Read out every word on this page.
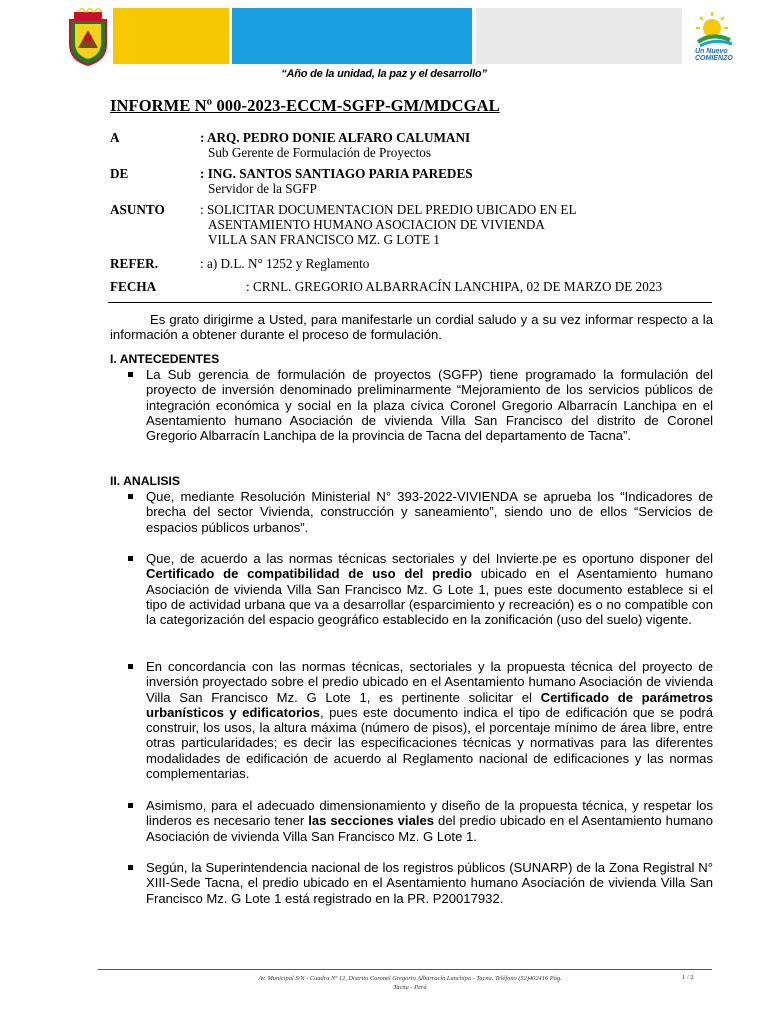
Un Nuevo
COMIENZO
“Año de la unidad, la paz y el desarrollo”
INFORME Nº 000-2023-ECCM-SGFP-GM/MDCGAL
A	: ARQ. PEDRO DONIE ALFARO CALUMANI
Sub Gerente de Formulación de Proyectos
DE	: ING. SANTOS SANTIAGO PARIA PAREDES
Servidor de la SGFP
ASUNTO	: SOLICITAR DOCUMENTACION DEL PREDIO UBICADO EN EL
ASENTAMIENTO HUMANO ASOCIACION DE VIVIENDA
VILLA SAN FRANCISCO MZ. G LOTE 1
REFER.	: a) D.L. N° 1252 y Reglamento
FECHA	: CRNL. GREGORIO ALBARRACÍN LANCHIPA, 02 DE MARZO DE 2023
Es grato dirigirme a Usted, para manifestarle un cordial saludo y a su vez informar respecto a la información a obtener durante el proceso de formulación.
I. ANTECEDENTES
La Sub gerencia de formulación de proyectos (SGFP) tiene programado la formulación del proyecto de inversión denominado preliminarmente “Mejoramiento de los servicios públicos de integración económica y social en la plaza cívica Coronel Gregorio Albarracín Lanchipa en el Asentamiento humano Asociación de vivienda Villa San Francisco del distrito de Coronel Gregorio Albarracín Lanchipa de la provincia de Tacna del departamento de Tacna”.
II. ANALISIS
Que, mediante Resolución Ministerial N° 393-2022-VIVIENDA se aprueba los “Indicadores de brecha del sector Vivienda, construcción y saneamiento”, siendo uno de ellos “Servicios de espacios públicos urbanos”.
Que, de acuerdo a las normas técnicas sectoriales y del Invierte.pe es oportuno disponer del Certificado de compatibilidad de uso del predio ubicado en el Asentamiento humano Asociación de vivienda Villa San Francisco Mz. G Lote 1, pues este documento establece si el tipo de actividad urbana que va a desarrollar (esparcimiento y recreación) es o no compatible con la categorización del espacio geográfico establecido en la zonificación (uso del suelo) vigente.
En concordancia con las normas técnicas, sectoriales y la propuesta técnica del proyecto de inversión proyectado sobre el predio ubicado en el Asentamiento humano Asociación de vivienda Villa San Francisco Mz. G Lote 1, es pertinente solicitar el Certificado de parámetros urbanísticos y edificatorios, pues este documento indica el tipo de edificación que se podrá construir, los usos, la altura máxima (número de pisos), el porcentaje mínimo de área libre, entre otras particularidades; es decir las especificaciones técnicas y normativas para las diferentes modalidades de edificación de acuerdo al Reglamento nacional de edificaciones y las normas complementarias.
Asimismo, para el adecuado dimensionamiento y diseño de la propuesta técnica, y respetar los linderos es necesario tener las secciones viales del predio ubicado en el Asentamiento humano Asociación de vivienda Villa San Francisco Mz. G Lote 1.
Según, la Superintendencia nacional de los registros públicos (SUNARP) de la Zona Registral N° XIII-Sede Tacna, el predio ubicado en el Asentamiento humano Asociación de vivienda Villa San Francisco Mz. G Lote 1 está registrado en la PR. P20017932.
Av. Municipal S/N - Cuadra Nº 12, Distrito Coronel Gregorio Albarracín Lanchipa - Tacna. Teléfono (52)402416 Pág.
Tacna - Perú
1 / 2
